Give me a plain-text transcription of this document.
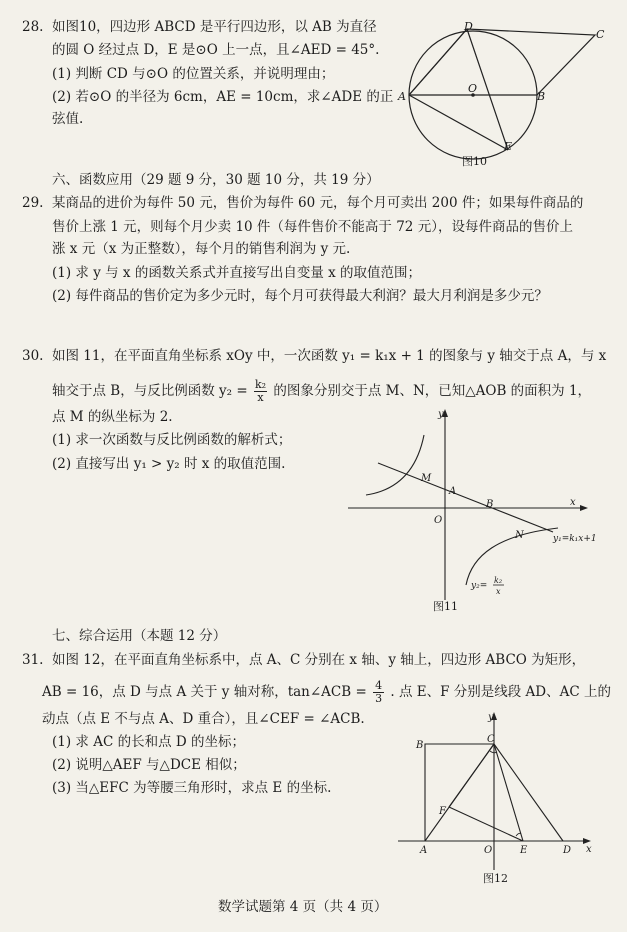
28. 如图10，四边形 ABCD 是平行四边形，以 AB 为直径
的圆 O 经过点 D，E 是⊙O 上一点，且∠AED = 45°.
(1) 判断 CD 与⊙O 的位置关系，并说明理由；
(2) 若⊙O 的半径为 6cm，AE = 10cm，求∠ADE 的正
弦值.
D
C
A	B
O
E
图10
六、函数应用（29 题 9 分，30 题 10 分，共 19 分）
29. 某商品的进价为每件 50 元，售价为每件 60 元，每个月可卖出 200 件；如果每件商品的
售价上涨 1 元，则每个月少卖 10 件（每件售价不能高于 72 元），设每件商品的售价上
涨 x 元（x 为正整数），每个月的销售利润为 y 元.
(1) 求 y 与 x 的函数关系式并直接写出自变量 x 的取值范围；
(2) 每件商品的售价定为多少元时，每个月可获得最大利润？最大月利润是多少元？
30. 如图 11，在平面直角坐标系 xOy 中，一次函数 y₁ = k₁x + 1 的图象与 y 轴交于点 A，与 x
轴交于点 B，与反比例函数 $y_2 = \frac{\text{k₂}}{x}$ 的图象分别交于点 M、N，已知△AOB 的面积为 1，
点 M 的纵坐标为 2.
(1) 求一次函数与反比例函数的解析式；
(2) 直接写出 y₁ > y₂ 时 x 的取值范围.
y
x
O
A
B
M
N	y₁=k₁x+1
y₂=
k₂
x
图11
七、综合运用（本题 12 分）
31. 如图 12，在平面直角坐标系中，点 A、C 分别在 x 轴、y 轴上，四边形 ABCO 为矩形，
AB = 16，点 D 与点 A 关于 y 轴对称，tan∠ACB = $\frac{4}{3}$ . 点 E、F 分别是线段 AD、AC 上的
动点（点 E 不与点 A、D 重合），且∠CEF = ∠ACB.
(1) 求 AC 的长和点 D 的坐标；
(2) 说明△AEF 与△DCE 相似；
(3) 当△EFC 为等腰三角形时，求点 E 的坐标.
y
x
B
C
F
A	O	E	D
图12
数学试题第 4 页（共 4 页）
